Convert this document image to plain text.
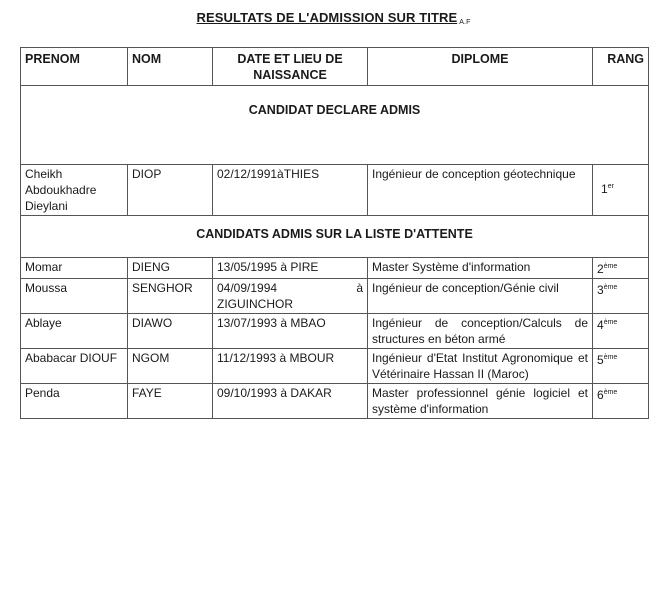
RESULTATS DE L'ADMISSION SUR TITRE A.F
PRENOM	NOM	DATE ET LIEU DE NAISSANCE	DIPLOME	RANG
CANDIDAT DECLARE ADMIS				
Cheikh Abdoukhadre Dieylani	DIOP	02/12/1991àTHIES	Ingénieur de conception géotechnique	1er
CANDIDATS ADMIS SUR LA LISTE D'ATTENTE				
Momar	DIENG	13/05/1995 à PIRE	Master Système d'information	2ème
Moussa	SENGHOR	04/09/1994 à ZIGUINCHOR	Ingénieur de conception/Génie civil	3ème
Ablaye	DIAWO	13/07/1993 à MBAO	Ingénieur de conception/Calculs de structures en béton armé	4ème
Ababacar DIOUF	NGOM	11/12/1993 à MBOUR	Ingénieur d'Etat Institut Agronomique et Vétérinaire Hassan II (Maroc)	5ème
Penda	FAYE	09/10/1993 à DAKAR	Master professionnel génie logiciel et système d'information	6ème
